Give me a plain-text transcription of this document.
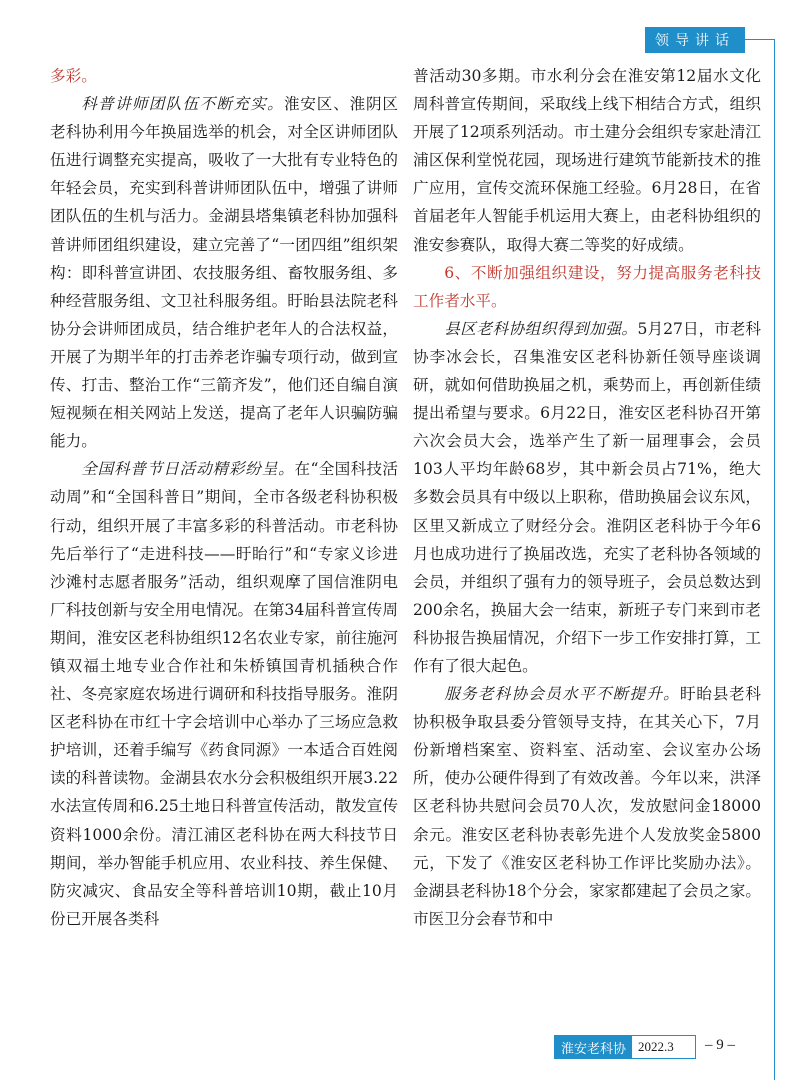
领导讲话

多彩。

科普讲师团队伍不断充实。淮安区、淮阴区老科协利用今年换届选举的机会，对全区讲师团队伍进行调整充实提高，吸收了一大批有专业特色的年轻会员，充实到科普讲师团队伍中，增强了讲师团队伍的生机与活力。金湖县塔集镇老科协加强科普讲师团组织建设，建立完善了“一团四组”组织架构：即科普宣讲团、农技服务组、畜牧服务组、多种经营服务组、文卫社科服务组。盱眙县法院老科协分会讲师团成员，结合维护老年人的合法权益，开展了为期半年的打击养老诈骗专项行动，做到宣传、打击、整治工作“三箭齐发”，他们还自编自演短视频在相关网站上发送，提高了老年人识骗防骗能力。

全国科普节日活动精彩纷呈。在“全国科技活动周”和“全国科普日”期间，全市各级老科协积极行动，组织开展了丰富多彩的科普活动。市老科协先后举行了“走进科技——盱眙行”和“专家义诊进沙滩村志愿者服务”活动，组织观摩了国信淮阴电厂科技创新与安全用电情况。在第34届科普宣传周期间，淮安区老科协组织12名农业专家，前往施河镇双福土地专业合作社和朱桥镇国青机插秧合作社、冬亮家庭农场进行调研和科技指导服务。淮阴区老科协在市红十字会培训中心举办了三场应急救护培训，还着手编写《药食同源》一本适合百姓阅读的科普读物。金湖县农水分会积极组织开展3.22水法宣传周和6.25土地日科普宣传活动，散发宣传资料1000余份。清江浦区老科协在两大科技节日期间，举办智能手机应用、农业科技、养生保健、防灾减灾、食品安全等科普培训10期，截止10月份已开展各类科

普活动30多期。市水利分会在淮安第12届水文化周科普宣传期间，采取线上线下相结合方式，组织开展了12项系列活动。市土建分会组织专家赴清江浦区保利堂悦花园，现场进行建筑节能新技术的推广应用，宣传交流环保施工经验。6月28日，在省首届老年人智能手机运用大赛上，由老科协组织的淮安参赛队，取得大赛二等奖的好成绩。

6、不断加强组织建设，努力提高服务老科技工作者水平。

县区老科协组织得到加强。5月27日，市老科协李冰会长，召集淮安区老科协新任领导座谈调研，就如何借助换届之机，乘势而上，再创新佳绩提出希望与要求。6月22日，淮安区老科协召开第六次会员大会，选举产生了新一届理事会，会员103人平均年龄68岁，其中新会员占71%，绝大多数会员具有中级以上职称，借助换届会议东风，区里又新成立了财经分会。淮阴区老科协于今年6月也成功进行了换届改选，充实了老科协各领域的会员，并组织了强有力的领导班子，会员总数达到200余名，换届大会一结束，新班子专门来到市老科协报告换届情况，介绍下一步工作安排打算，工作有了很大起色。

服务老科协会员水平不断提升。盱眙县老科协积极争取县委分管领导支持，在其关心下，7月份新增档案室、资料室、活动室、会议室办公场所，使办公硬件得到了有效改善。今年以来，洪泽区老科协共慰问会员70人次，发放慰问金18000余元。淮安区老科协表彰先进个人发放奖金5800元，下发了《淮安区老科协工作评比奖励办法》。金湖县老科协18个分会，家家都建起了会员之家。市医卫分会春节和中

淮安老科协 2022.3	– 9 –
